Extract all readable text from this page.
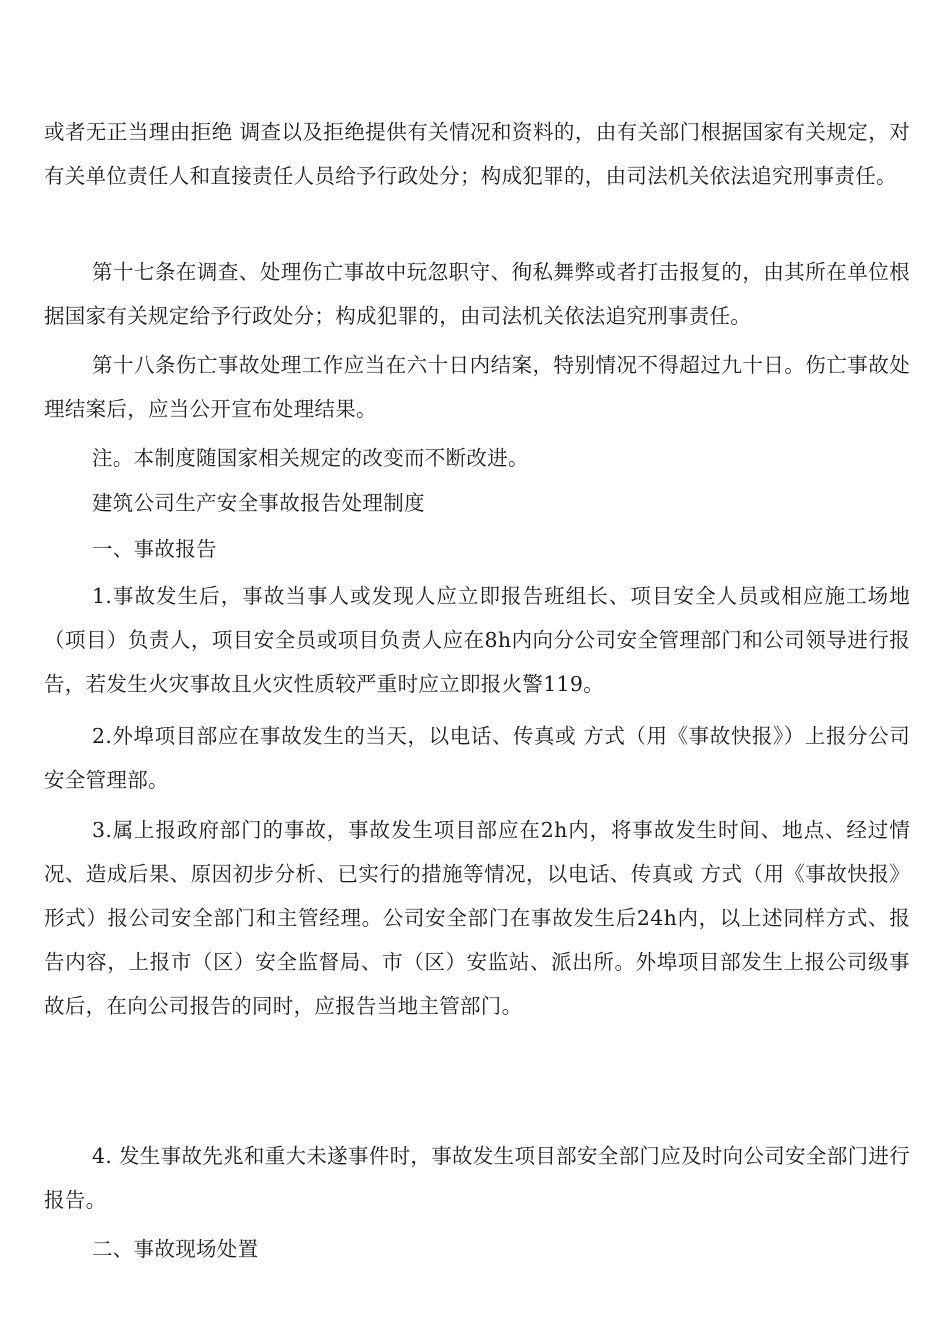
或者无正当理由拒绝 调查以及拒绝提供有关情况和资料的，由有关部门根据国家有关规定，对有关单位责任人和直接责任人员给予行政处分；构成犯罪的，由司法机关依法追究刑事责任。

第十七条在调查、处理伤亡事故中玩忽职守、徇私舞弊或者打击报复的，由其所在单位根据国家有关规定给予行政处分；构成犯罪的，由司法机关依法追究刑事责任。

第十八条伤亡事故处理工作应当在六十日内结案，特别情况不得超过九十日。伤亡事故处理结案后，应当公开宣布处理结果。

注。本制度随国家相关规定的改变而不断改进。

建筑公司生产安全事故报告处理制度

一、事故报告

1.事故发生后，事故当事人或发现人应立即报告班组长、项目安全人员或相应施工场地（项目）负责人，项目安全员或项目负责人应在8h内向分公司安全管理部门和公司领导进行报告，若发生火灾事故且火灾性质较严重时应立即报火警119。

2.外埠项目部应在事故发生的当天，以电话、传真或 方式（用《事故快报》）上报分公司安全管理部。

3.属上报政府部门的事故，事故发生项目部应在2h内，将事故发生时间、地点、经过情况、造成后果、原因初步分析、已实行的措施等情况，以电话、传真或 方式（用《事故快报》形式）报公司安全部门和主管经理。公司安全部门在事故发生后24h内，以上述同样方式、报告内容，上报市（区）安全监督局、市（区）安监站、派出所。外埠项目部发生上报公司级事故后，在向公司报告的同时，应报告当地主管部门。

4. 发生事故先兆和重大未遂事件时，事故发生项目部安全部门应及时向公司安全部门进行报告。

二、事故现场处置
